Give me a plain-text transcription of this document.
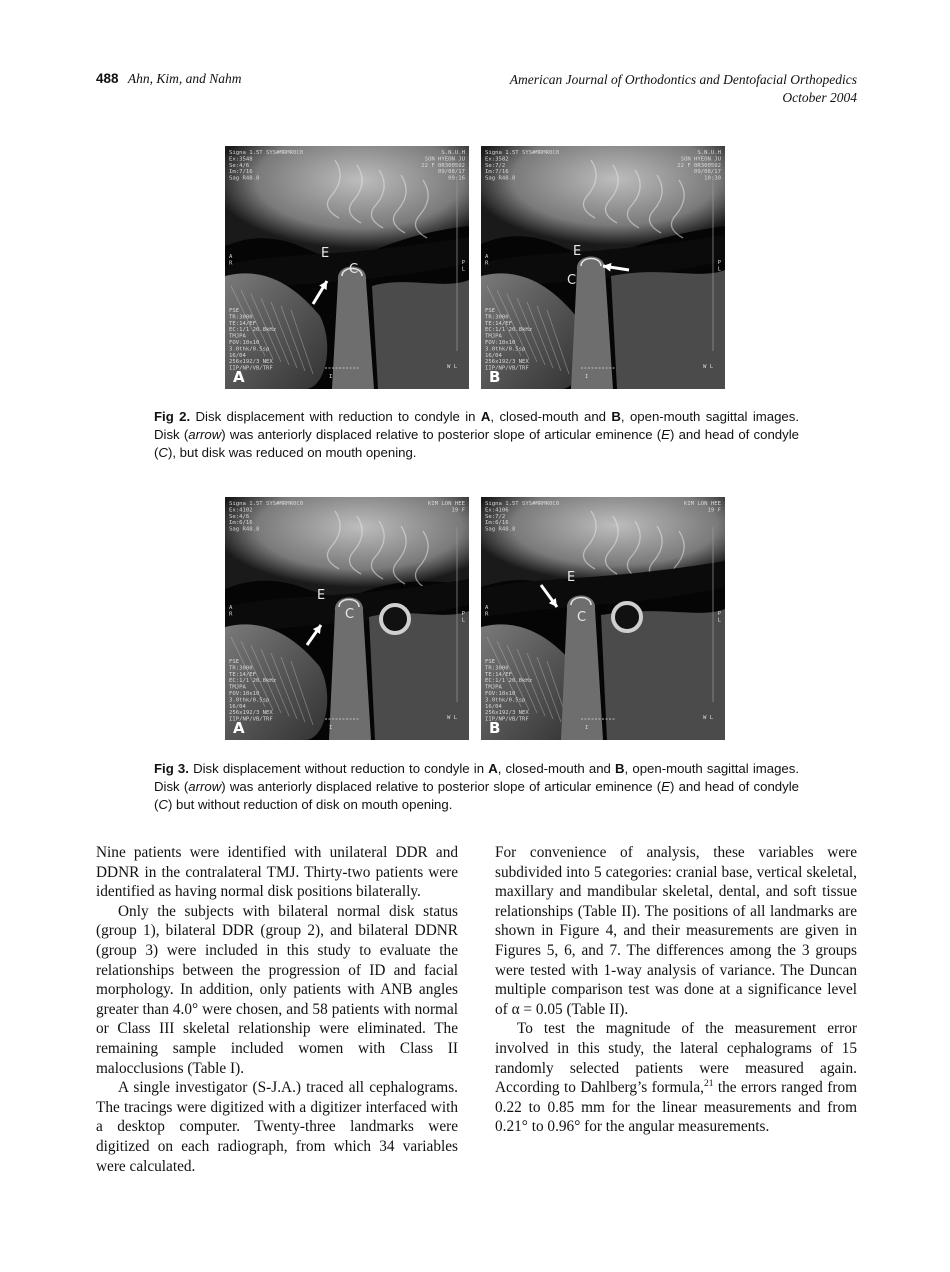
488 Ahn, Kim, and Nahm	American Journal of Orthodontics and Dentofacial Orthopedics
October 2004
E
C
Signa 1.5T SYS#MRMR0C0
Ex:3548
Se:4/6
Im:7/16
Sag R48.8
S.N.U.H
SON HYEON JU
22 F 0R300592
09/08/17
09:16
A
R	P
L
FSE
TR:3000
TE:14/EF
EC:1/1 20.8kHz
TMJPA
FOV:10x10
3.0thk/0.5sp
16/04
256x192/3 NEX
IIP/NP/VB/TRF	W L
I
A
E
C
Signa 1.5T SYS#MRMR0C0
Ex:3582
Se:7/2
Im:7/16
Sag R48.8
S.N.U.H
SON HYEON JU
22 F 0R300592
09/08/17
10:30
A
R	P
L
FSE
TR:3000
TE:14/EF
EC:1/1 20.8kHz
TMJPA
FOV:10x10
3.0thk/0.5sp
16/04
256x192/3 NEX
IIP/NP/VB/TRF	W L
I
B
Fig 2. Disk displacement with reduction to condyle in A, closed-mouth and B, open-mouth sagittal images. Disk (arrow) was anteriorly displaced relative to posterior slope of articular eminence (E) and head of condyle (C), but disk was reduced on mouth opening.
E
C
Signa 1.5T SYS#MRMR0C0
Ex:4102
Se:4/6
Im:6/16
Sag R48.8
KIM LON HEE
19 F
A
R	P
L
FSE
TR:3000
TE:14/EF
EC:1/1 20.8kHz
TMJPA
FOV:10x10
3.0thk/0.5sp
16/04
256x192/3 NEX
IIP/NP/VB/TRF	W L
I
A
E
C
Signa 1.5T SYS#MRMR0C0
Ex:4106
Se:7/2
Im:6/16
Sag R48.8
KIM LON HEE
19 F
A
R	P
L
FSE
TR:3000
TE:14/EF
EC:1/1 20.8kHz
TMJPA
FOV:10x10
3.0thk/0.5sp
16/04
256x192/3 NEX
IIP/NP/VB/TRF	W L
I
B
Fig 3. Disk displacement without reduction to condyle in A, closed-mouth and B, open-mouth sagittal images. Disk (arrow) was anteriorly displaced relative to posterior slope of articular eminence (E) and head of condyle (C) but without reduction of disk on mouth opening.

Nine patients were identified with unilateral DDR and DDNR in the contralateral TMJ. Thirty-two patients were identified as having normal disk positions bilaterally.

Only the subjects with bilateral normal disk status (group 1), bilateral DDR (group 2), and bilateral DDNR (group 3) were included in this study to evaluate the relationships between the progression of ID and facial morphology. In addition, only patients with ANB angles greater than 4.0° were chosen, and 58 patients with normal or Class III skeletal relationship were eliminated. The remaining sample included women with Class II malocclusions (Table I).

A single investigator (S-J.A.) traced all cephalograms. The tracings were digitized with a digitizer interfaced with a desktop computer. Twenty-three landmarks were digitized on each radiograph, from which 34 variables were calculated.

For convenience of analysis, these variables were subdivided into 5 categories: cranial base, vertical skeletal, maxillary and mandibular skeletal, dental, and soft tissue relationships (Table II). The positions of all landmarks are shown in Figure 4, and their measurements are given in Figures 5, 6, and 7. The differences among the 3 groups were tested with 1-way analysis of variance. The Duncan multiple comparison test was done at a significance level of α = 0.05 (Table II).

To test the magnitude of the measurement error involved in this study, the lateral cephalograms of 15 randomly selected patients were measured again. According to Dahlberg’s formula,$^{21}$ the errors ranged from 0.22 to 0.85 mm for the linear measurements and from 0.21° to 0.96° for the angular measurements.
